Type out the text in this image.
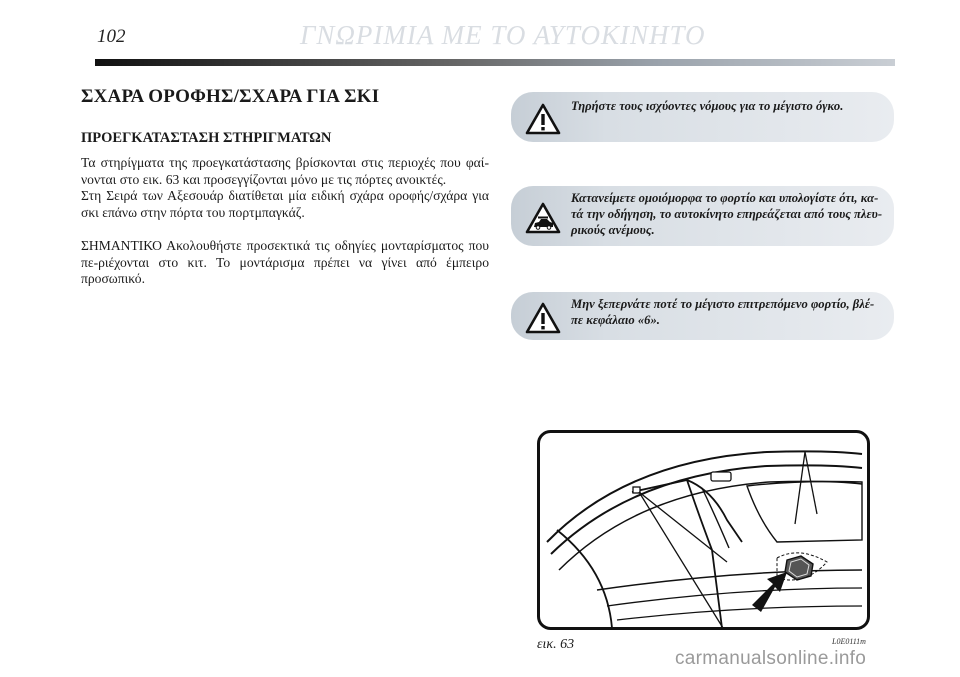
102	ΓΝΩΡΙΜΙΑ ΜΕ ΤΟ ΑΥΤΟΚΙΝΗΤΟ
ΣΧΑΡΑ ΟΡΟΦΗΣ/ΣΧΑΡΑ ΓΙΑ ΣΚΙ
ΠΡΟΕΓΚΑΤΑΣΤΑΣΗ ΣΤΗΡΙΓΜΑΤΩΝ

Τα στηρίγματα της προεγκατάστασης βρίσκονται στις περιοχές που φαί-νονται στο εικ. 63 και προσεγγίζονται μόνο με τις πόρτες ανοικτές.

Στη Σειρά των Αξεσουάρ διατίθεται μία ειδική σχάρα οροφής/σχάρα για σκι επάνω στην πόρτα του πορτμπαγκάζ.

ΣΗΜΑΝΤΙΚΟ Ακολουθήστε προσεκτικά τις οδηγίες μονταρίσματος που πε-ριέχονται στο κιτ. Το μοντάρισμα πρέπει να γίνει από έμπειρο προσωπικό.

Τηρήστε τους ισχύοντες νόμους για το μέγιστο όγκο.
Κατανείμετε ομοιόμορφα το φορτίο και υπολογίστε ότι, κα-τά την οδήγηση, το αυτοκίνητο επηρεάζεται από τους πλευ-ρικούς ανέμους.
Μην ξεπερνάτε ποτέ το μέγιστο επιτρεπόμενο φορτίο, βλέ-πε κεφάλαιο «6».
εικ. 63	L0E0111m
carmanualsonline.info
